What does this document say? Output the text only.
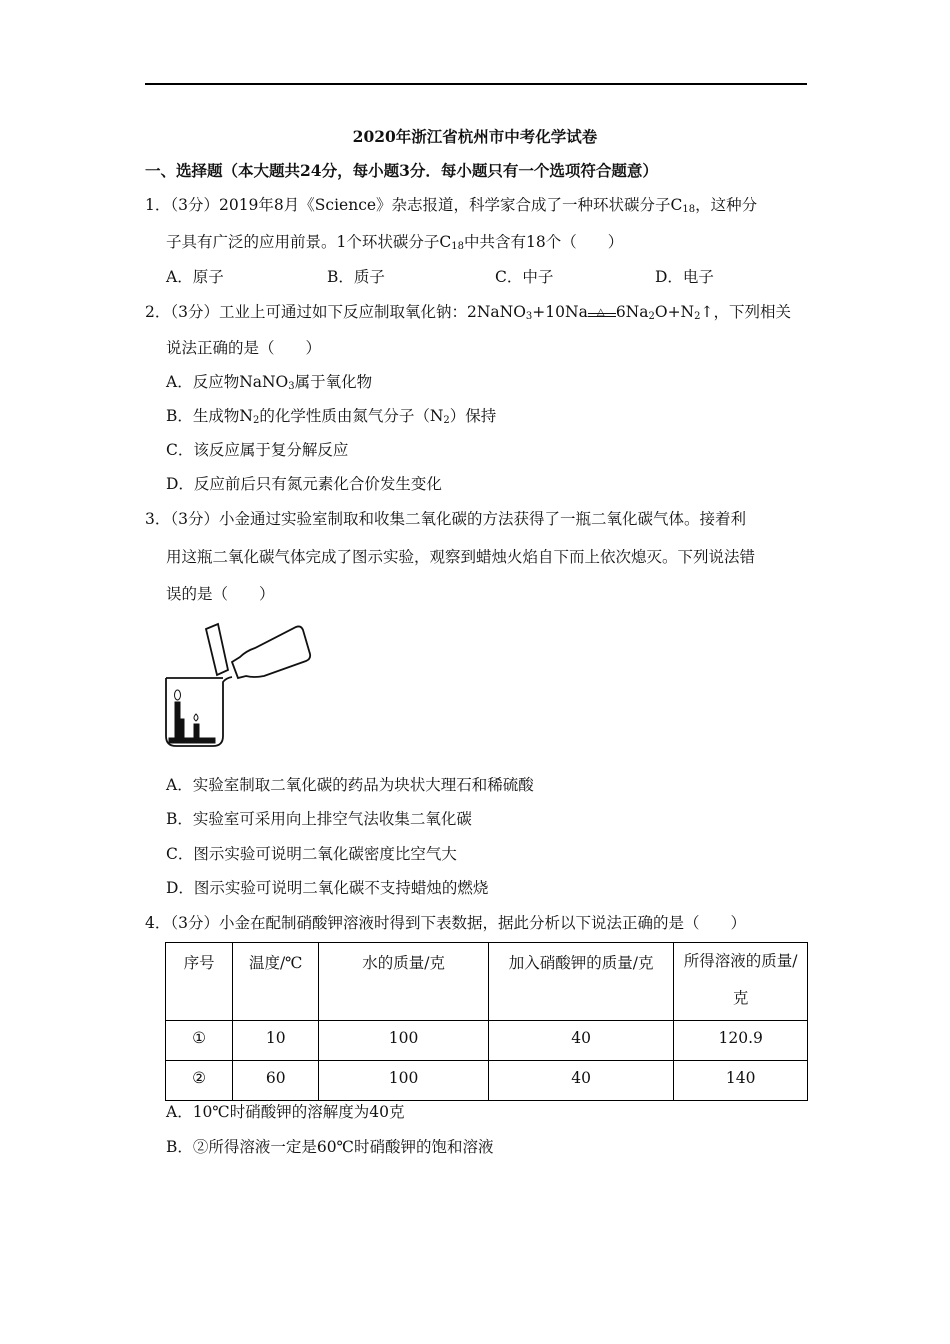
2020年浙江省杭州市中考化学试卷
一、选择题（本大题共24分，每小题3分．每小题只有一个选项符合题意）
1．（3分）2019年8月《Science》杂志报道，科学家合成了一种环状碳分子$C_{18}$，这种分
子具有广泛的应用前景。1个环状碳分子$C_{18}$中共含有18个（　　）
A．原子	B．质子	C．中子	D．电子
2．（3分）工业上可通过如下反应制取氧化钠：2NaNO$_3$+10Na △ $6Na_2O+N_2↑$，下列相关
说法正确的是（　　）
A．反应物NaNO$_3$属于氧化物
B．生成物$N_2$的化学性质由氮气分子$(N_2)$保持
C．该反应属于复分解反应
D．反应前后只有氮元素化合价发生变化
3．（3分）小金通过实验室制取和收集二氧化碳的方法获得了一瓶二氧化碳气体。接着利
用这瓶二氧化碳气体完成了图示实验，观察到蜡烛火焰自下而上依次熄灭。下列说法错
误的是（　　）
A．实验室制取二氧化碳的药品为块状大理石和稀硫酸
B．实验室可采用向上排空气法收集二氧化碳
C．图示实验可说明二氧化碳密度比空气大
D．图示实验可说明二氧化碳不支持蜡烛的燃烧
4．（3分）小金在配制硝酸钾溶液时得到下表数据，据此分析以下说法正确的是（　　）
序号	温度/℃	水的质量/克	加入硝酸钾的质量/克	所得溶液的质量/
克
①	10	100	40	120.9
②	60	100	40	140
A．10℃时硝酸钾的溶解度为40克
B．②所得溶液一定是60℃时硝酸钾的饱和溶液
